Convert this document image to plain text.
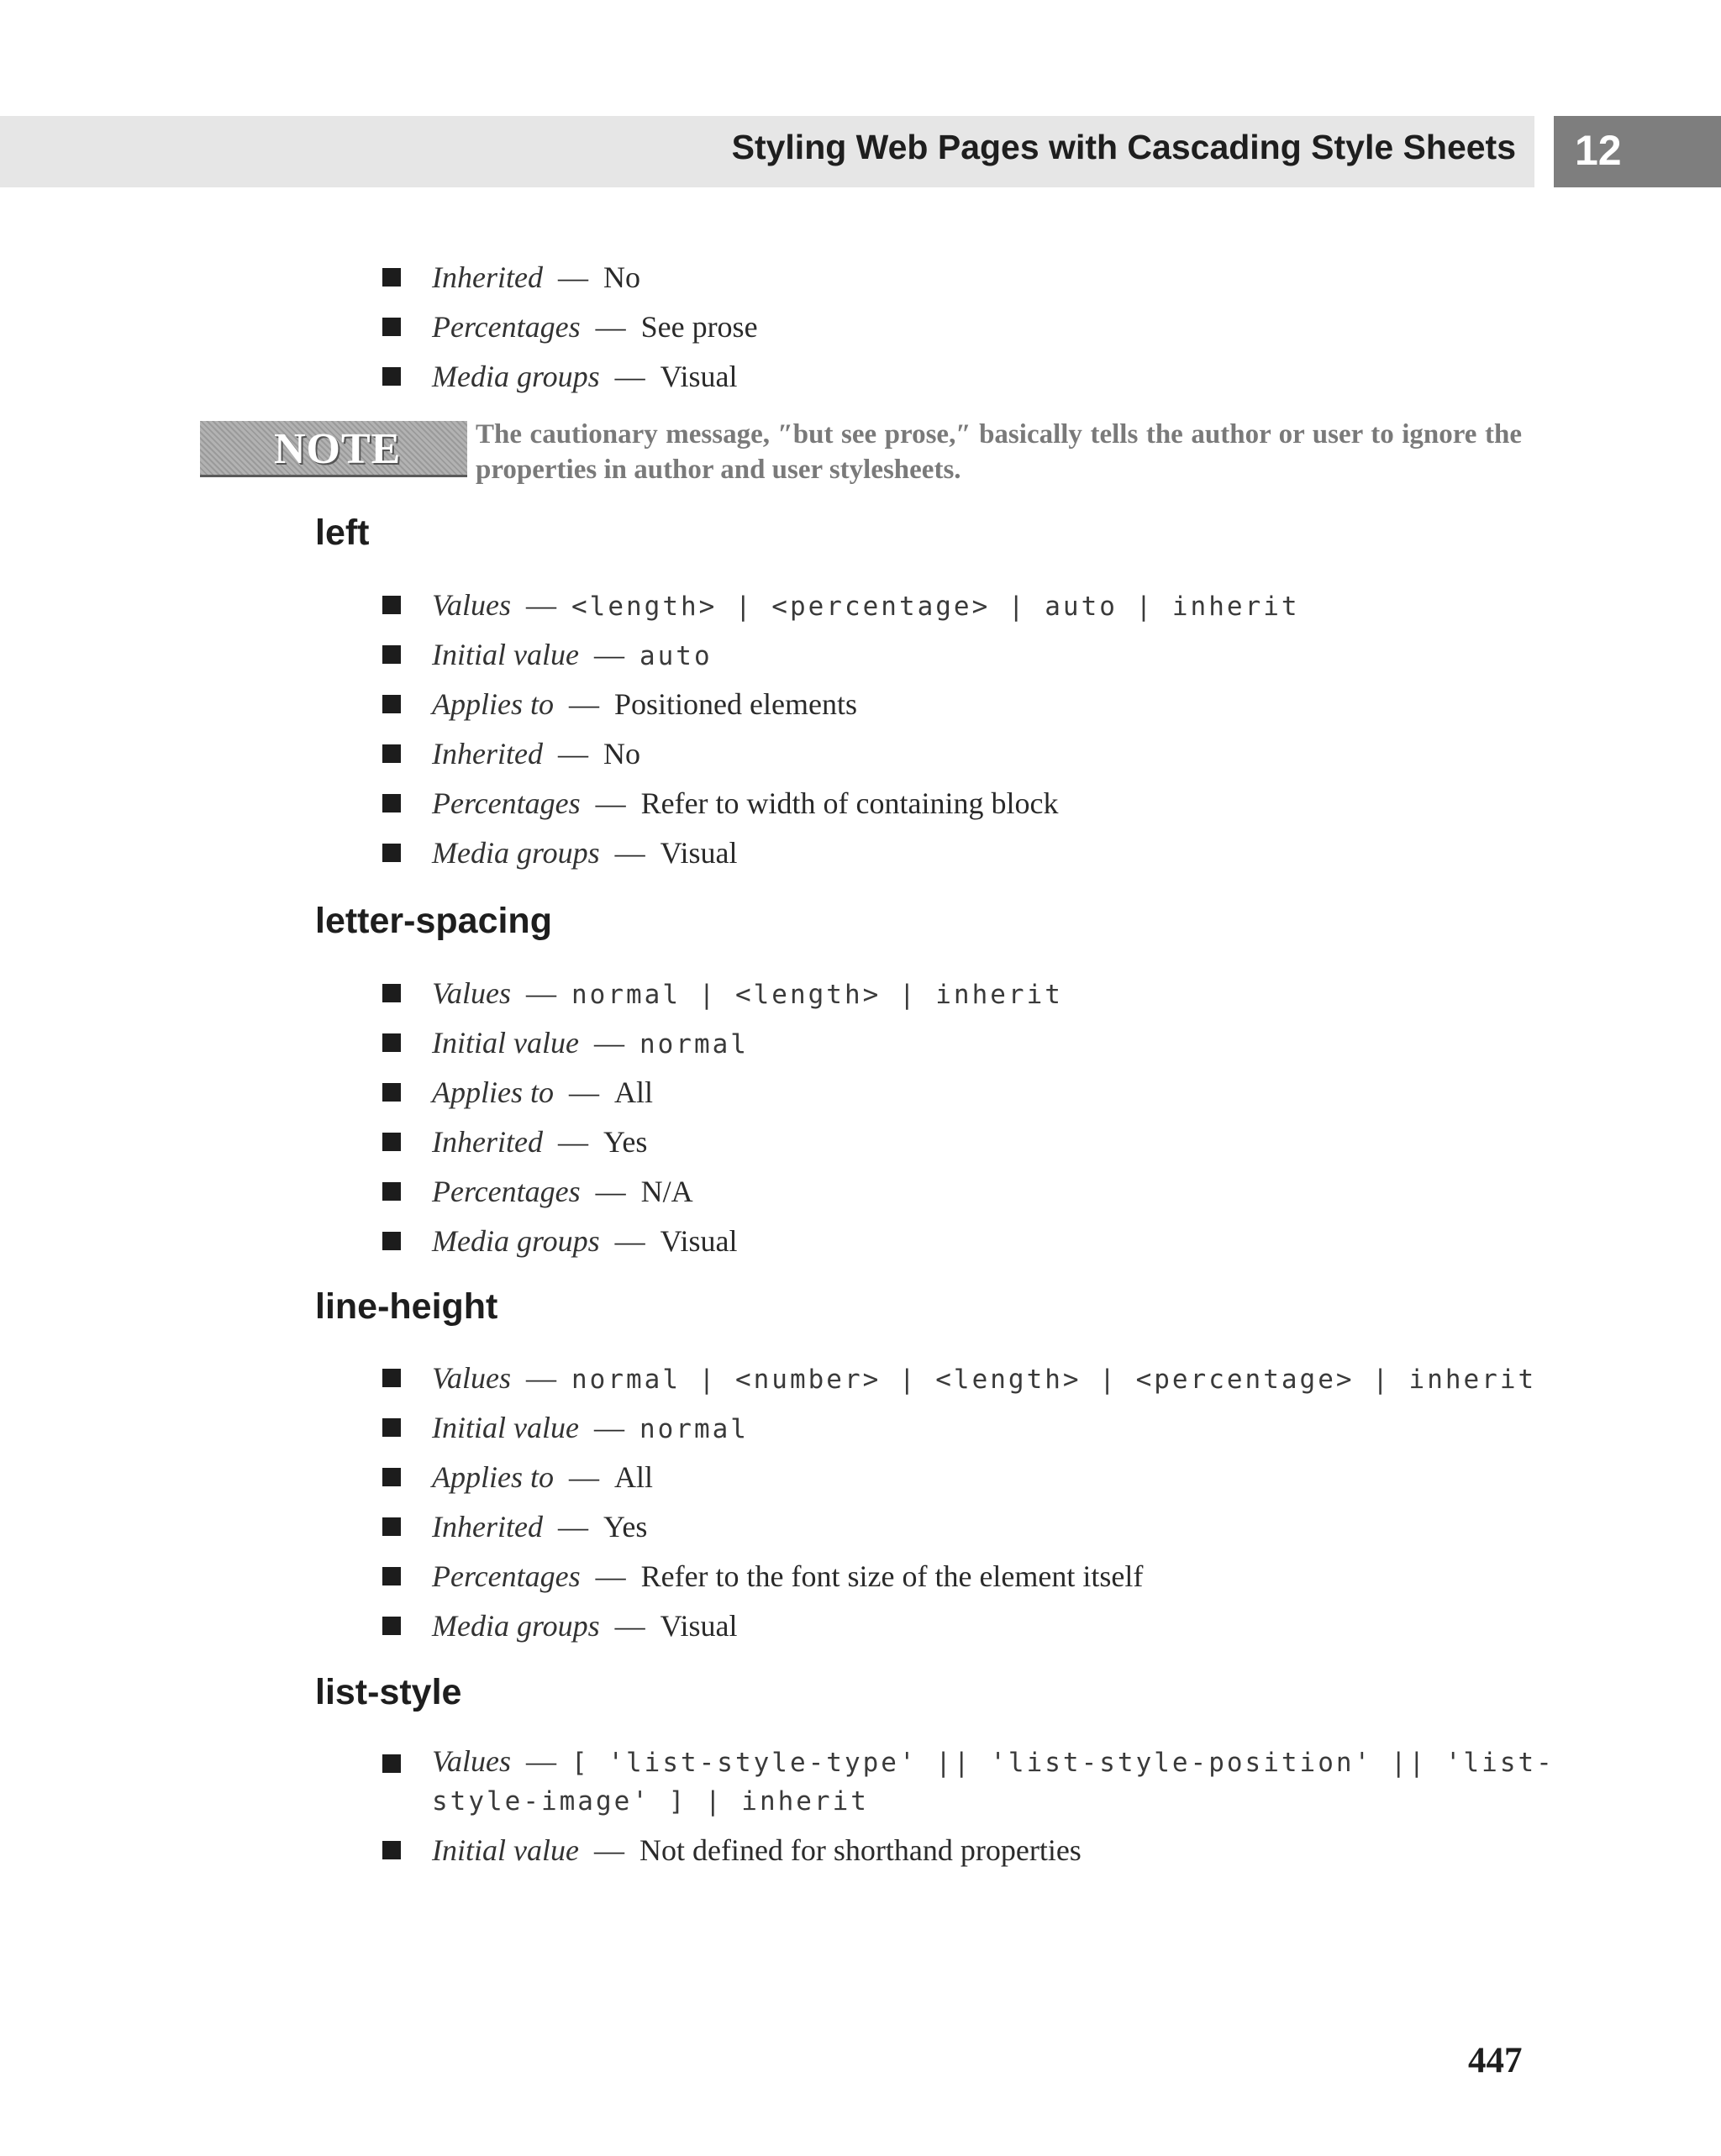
Styling Web Pages with Cascading Style Sheets 12
Inherited — No
Percentages — See prose
Media groups — Visual
NOTE	The cautionary message, ″but see prose,″ basically tells the author or user to ignore the properties in author and user stylesheets.
left
Values — <length> | <percentage> | auto | inherit
Initial value — auto
Applies to — Positioned elements
Inherited — No
Percentages — Refer to width of containing block
Media groups — Visual
letter-spacing
Values — normal | <length> | inherit
Initial value — normal
Applies to — All
Inherited — Yes
Percentages — N/A
Media groups — Visual
line-height
Values — normal | <number> | <length> | <percentage> | inherit
Initial value — normal
Applies to — All
Inherited — Yes
Percentages — Refer to the font size of the element itself
Media groups — Visual
list-style
Values — [ 'list-style-type' || 'list-style-position' || 'list-style-image' ] | inherit
Initial value — Not defined for shorthand properties
447
